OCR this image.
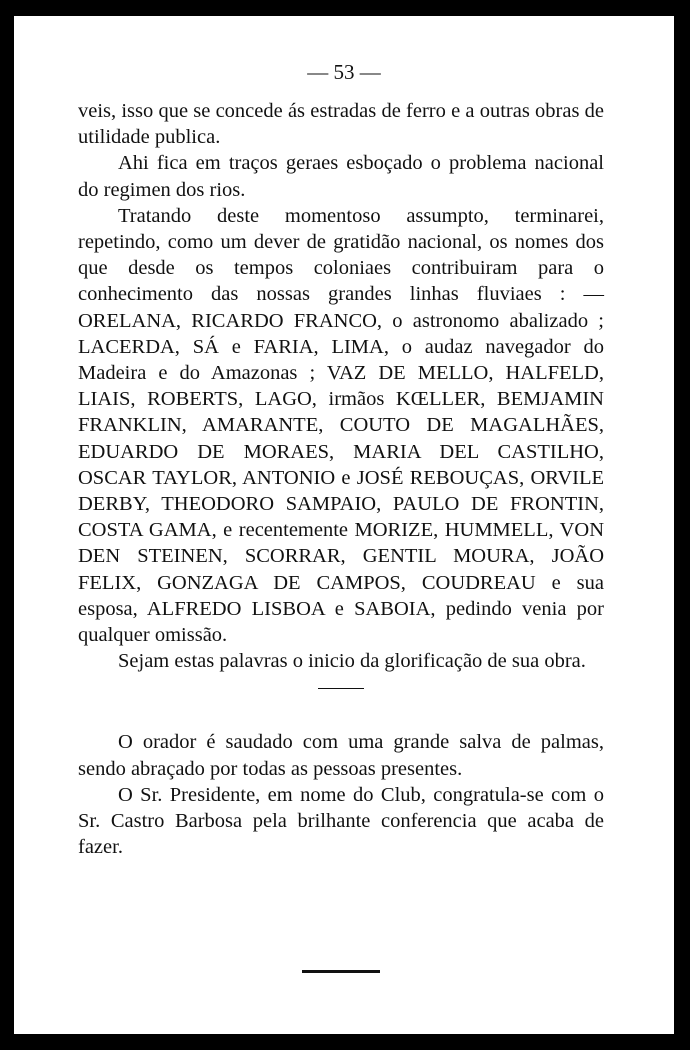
— 53 —

veis, isso que se concede ás estradas de ferro e a outras obras de utilidade publica.

Ahi fica em traços geraes esboçado o problema nacional do regimen dos rios.

Tratando deste momentoso assumpto, terminarei, repetindo, como um dever de gratidão nacional, os nomes dos que desde os tempos coloniaes contribuiram para o conhecimento das nossas grandes linhas fluviaes : — ORELANA, RICARDO FRANCO, o astronomo abalizado ; LACERDA, SÁ e FARIA, LIMA, o audaz navegador do Madeira e do Amazonas ; VAZ DE MELLO, HALFELD, LIAIS, ROBERTS, LAGO, irmãos KŒLLER, BEMJAMIN FRANKLIN, AMARANTE, COUTO DE MAGALHÃES, EDUARDO DE MORAES, MARIA DEL CASTILHO, OSCAR TAYLOR, ANTONIO e JOSÉ REBOUÇAS, ORVILE DERBY, THEODORO SAMPAIO, PAULO DE FRONTIN, COSTA GAMA, e recentemente MORIZE, HUMMELL, VON DEN STEINEN, SCORRAR, GENTIL MOURA, JOÃO FELIX, GONZAGA DE CAMPOS, COUDREAU e sua esposa, ALFREDO LISBOA e SABOIA, pedindo venia por qualquer omissão.

Sejam estas palavras o inicio da glorificação de sua obra.

O orador é saudado com uma grande salva de palmas, sendo abraçado por todas as pessoas presentes.

O Sr. Presidente, em nome do Club, congratula-se com o Sr. Castro Barbosa pela brilhante conferencia que acaba de fazer.
